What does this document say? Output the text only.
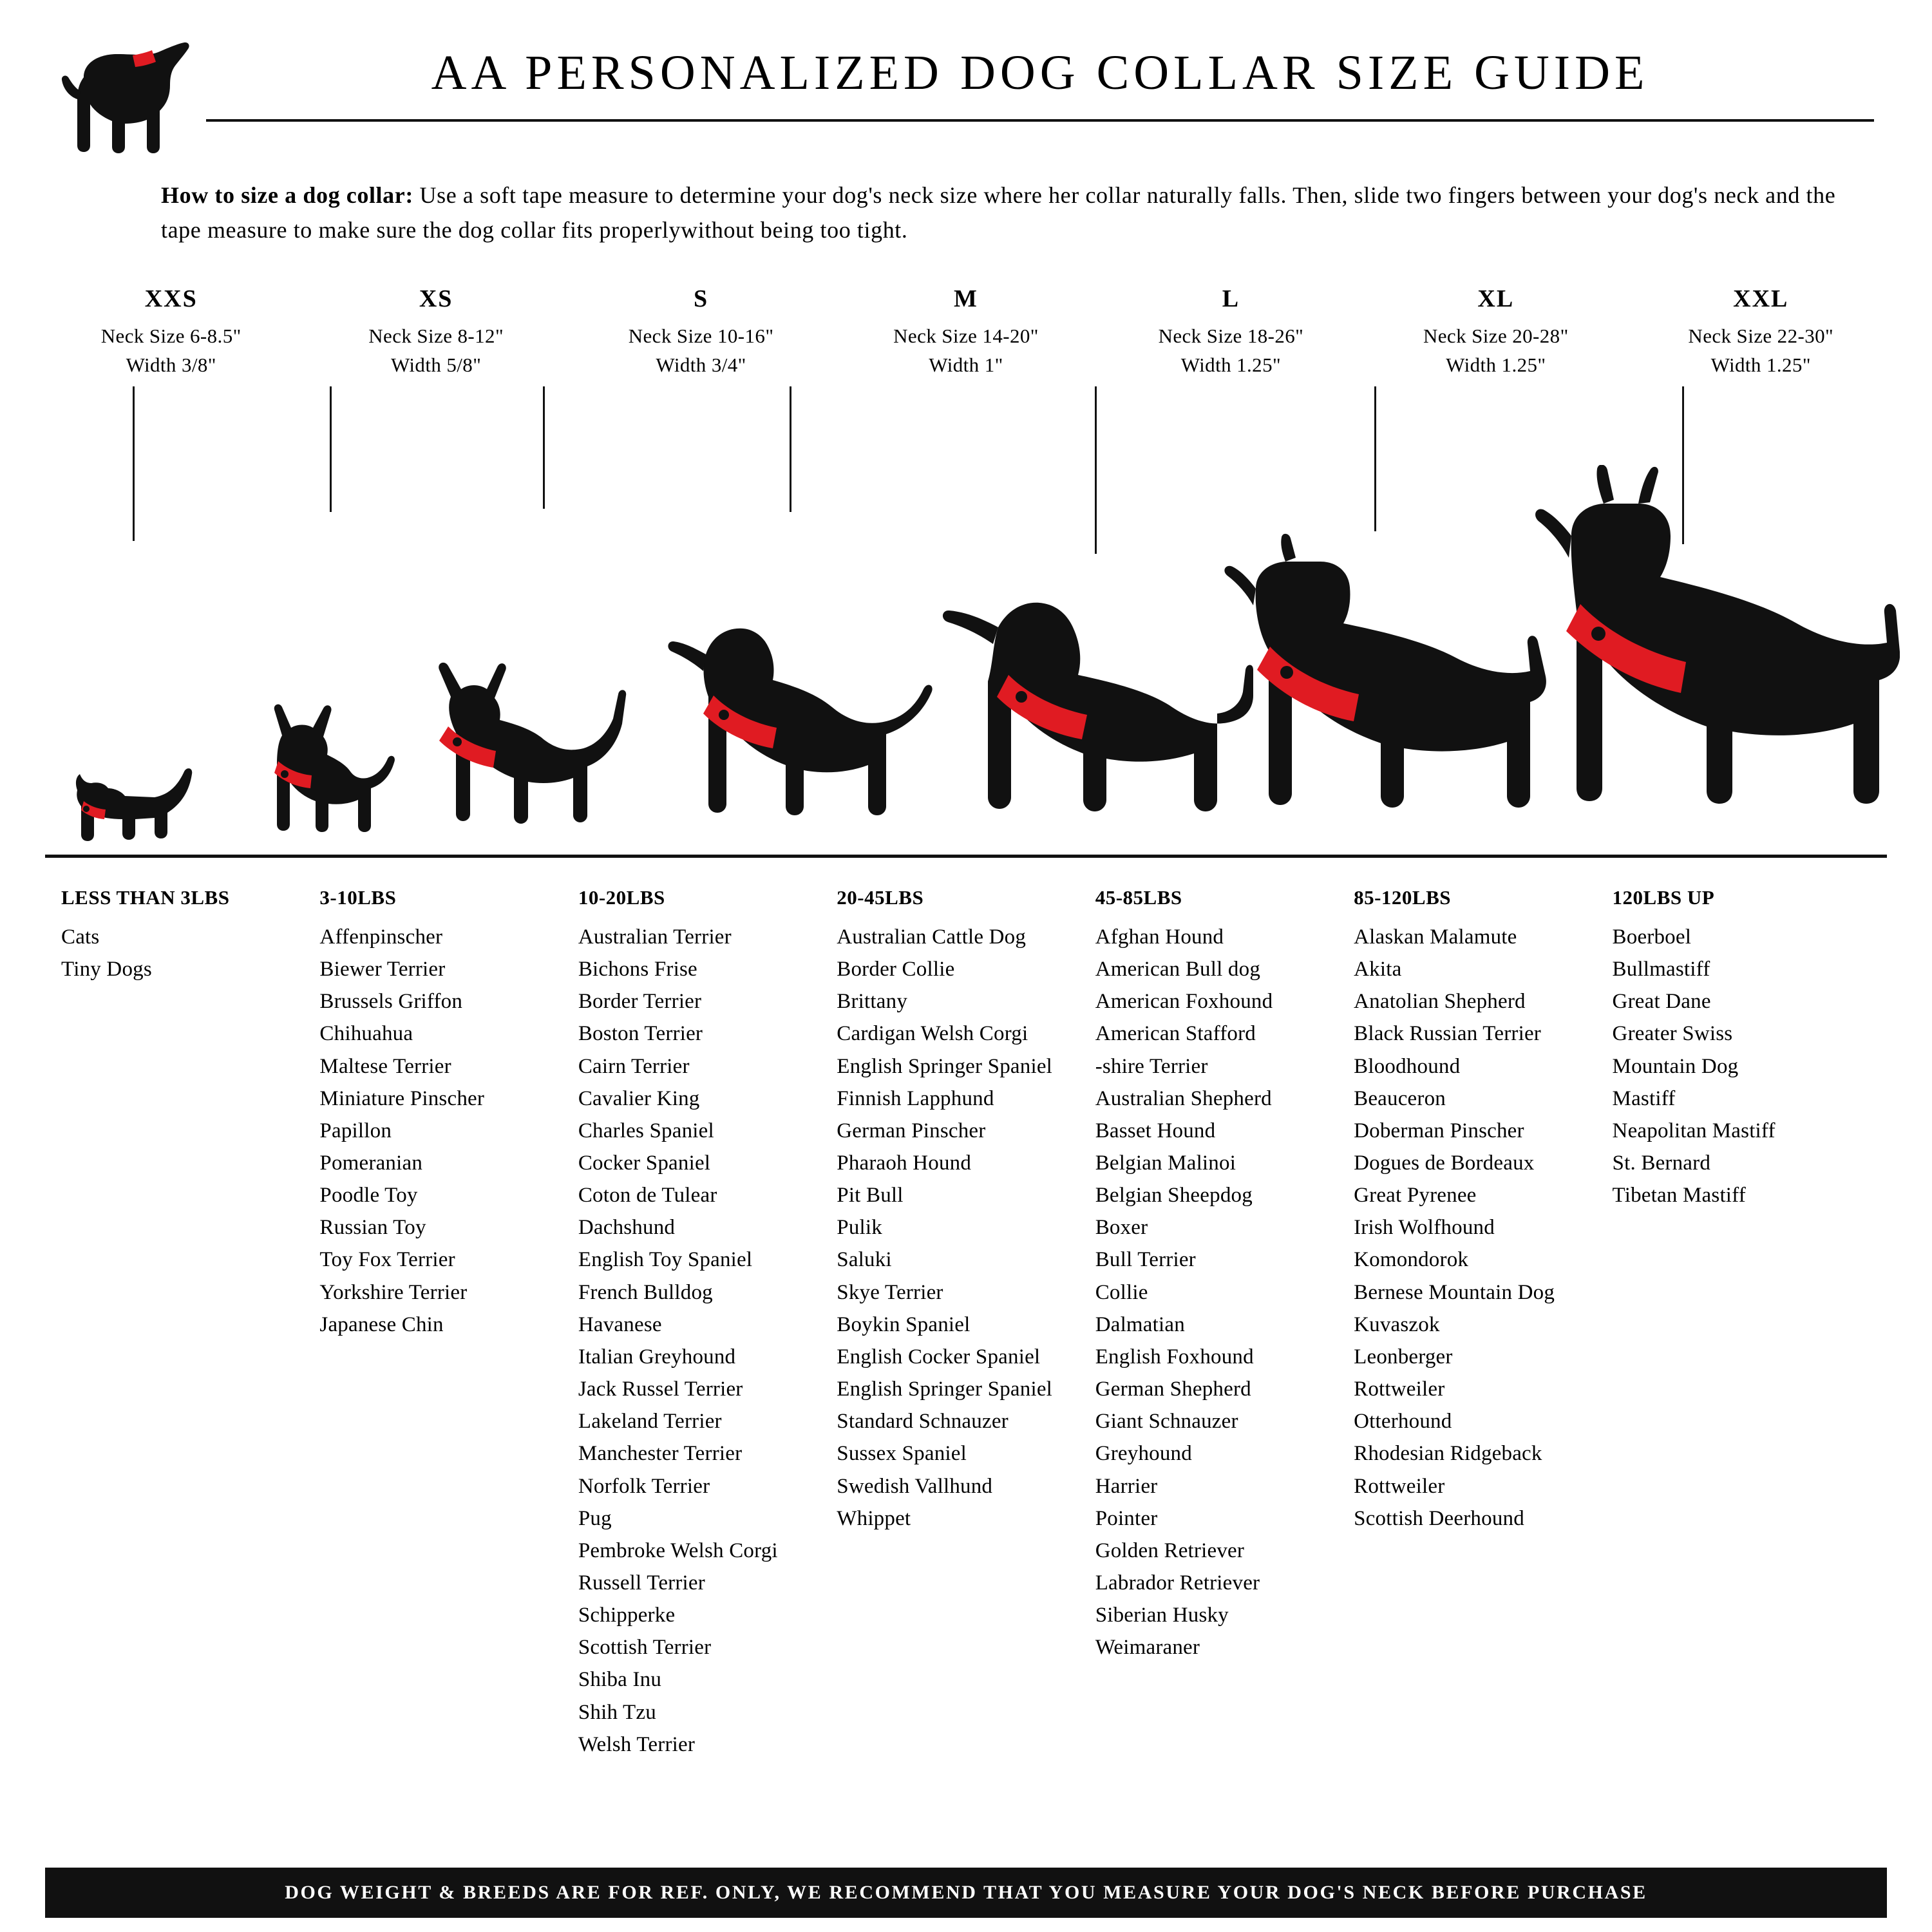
AA PERSONALIZED DOG COLLAR SIZE GUIDE
How to size a dog collar: Use a soft tape measure to determine your dog's neck size where her collar naturally falls. Then, slide two fingers between your dog's neck and the tape measure to make sure the dog collar fits properlywithout being too tight.
XXS
Neck Size 6-8.5"
Width 3/8"
XS
Neck Size 8-12"
Width 5/8"
S
Neck Size 10-16"
Width 3/4"
M
Neck Size 14-20"
Width 1"
L
Neck Size 18-26"
Width 1.25"
XL
Neck Size 20-28"
Width 1.25"
XXL
Neck Size 22-30"
Width 1.25"
LESS THAN 3LBS
Cats
Tiny Dogs
3-10LBS
Affenpinscher
Biewer Terrier
Brussels Griffon
Chihuahua
Maltese Terrier
Miniature Pinscher
Papillon
Pomeranian
Poodle Toy
Russian Toy
Toy Fox Terrier
Yorkshire Terrier
Japanese Chin
10-20LBS
Australian Terrier
Bichons Frise
Border Terrier
Boston Terrier
Cairn Terrier
Cavalier King
Charles Spaniel
Cocker Spaniel
Coton de Tulear
Dachshund
English Toy Spaniel
French Bulldog
Havanese
Italian Greyhound
Jack Russel Terrier
Lakeland Terrier
Manchester Terrier
Norfolk Terrier
Pug
Pembroke Welsh Corgi
Russell Terrier
Schipperke
Scottish Terrier
Shiba Inu
Shih Tzu
Welsh Terrier
20-45LBS
Australian Cattle Dog
Border Collie
Brittany
Cardigan Welsh Corgi
English Springer Spaniel
Finnish Lapphund
German Pinscher
Pharaoh Hound
Pit Bull
Pulik
Saluki
Skye Terrier
Boykin Spaniel
English Cocker Spaniel
English Springer Spaniel
Standard Schnauzer
Sussex Spaniel
Swedish Vallhund
Whippet
45-85LBS
Afghan Hound
American Bull dog
American Foxhound
American Stafford
-shire Terrier
Australian Shepherd
Basset Hound
Belgian Malinoi
Belgian Sheepdog
Boxer
Bull Terrier
Collie
Dalmatian
English Foxhound
German Shepherd
Giant Schnauzer
Greyhound
Harrier
Pointer
Golden Retriever
Labrador Retriever
Siberian Husky
Weimaraner
85-120LBS
Alaskan Malamute
Akita
Anatolian Shepherd
Black Russian Terrier
Bloodhound
Beauceron
Doberman Pinscher
Dogues de Bordeaux
Great Pyrenee
Irish Wolfhound
Komondorok
Bernese Mountain Dog
Kuvaszok
Leonberger
Rottweiler
Otterhound
Rhodesian Ridgeback
Rottweiler
Scottish Deerhound
120LBS UP
Boerboel
Bullmastiff
Great Dane
Greater Swiss
Mountain Dog
Mastiff
Neapolitan Mastiff
St. Bernard
Tibetan Mastiff
DOG WEIGHT & BREEDS ARE FOR REF. ONLY, WE RECOMMEND THAT YOU MEASURE YOUR DOG'S NECK BEFORE PURCHASE
